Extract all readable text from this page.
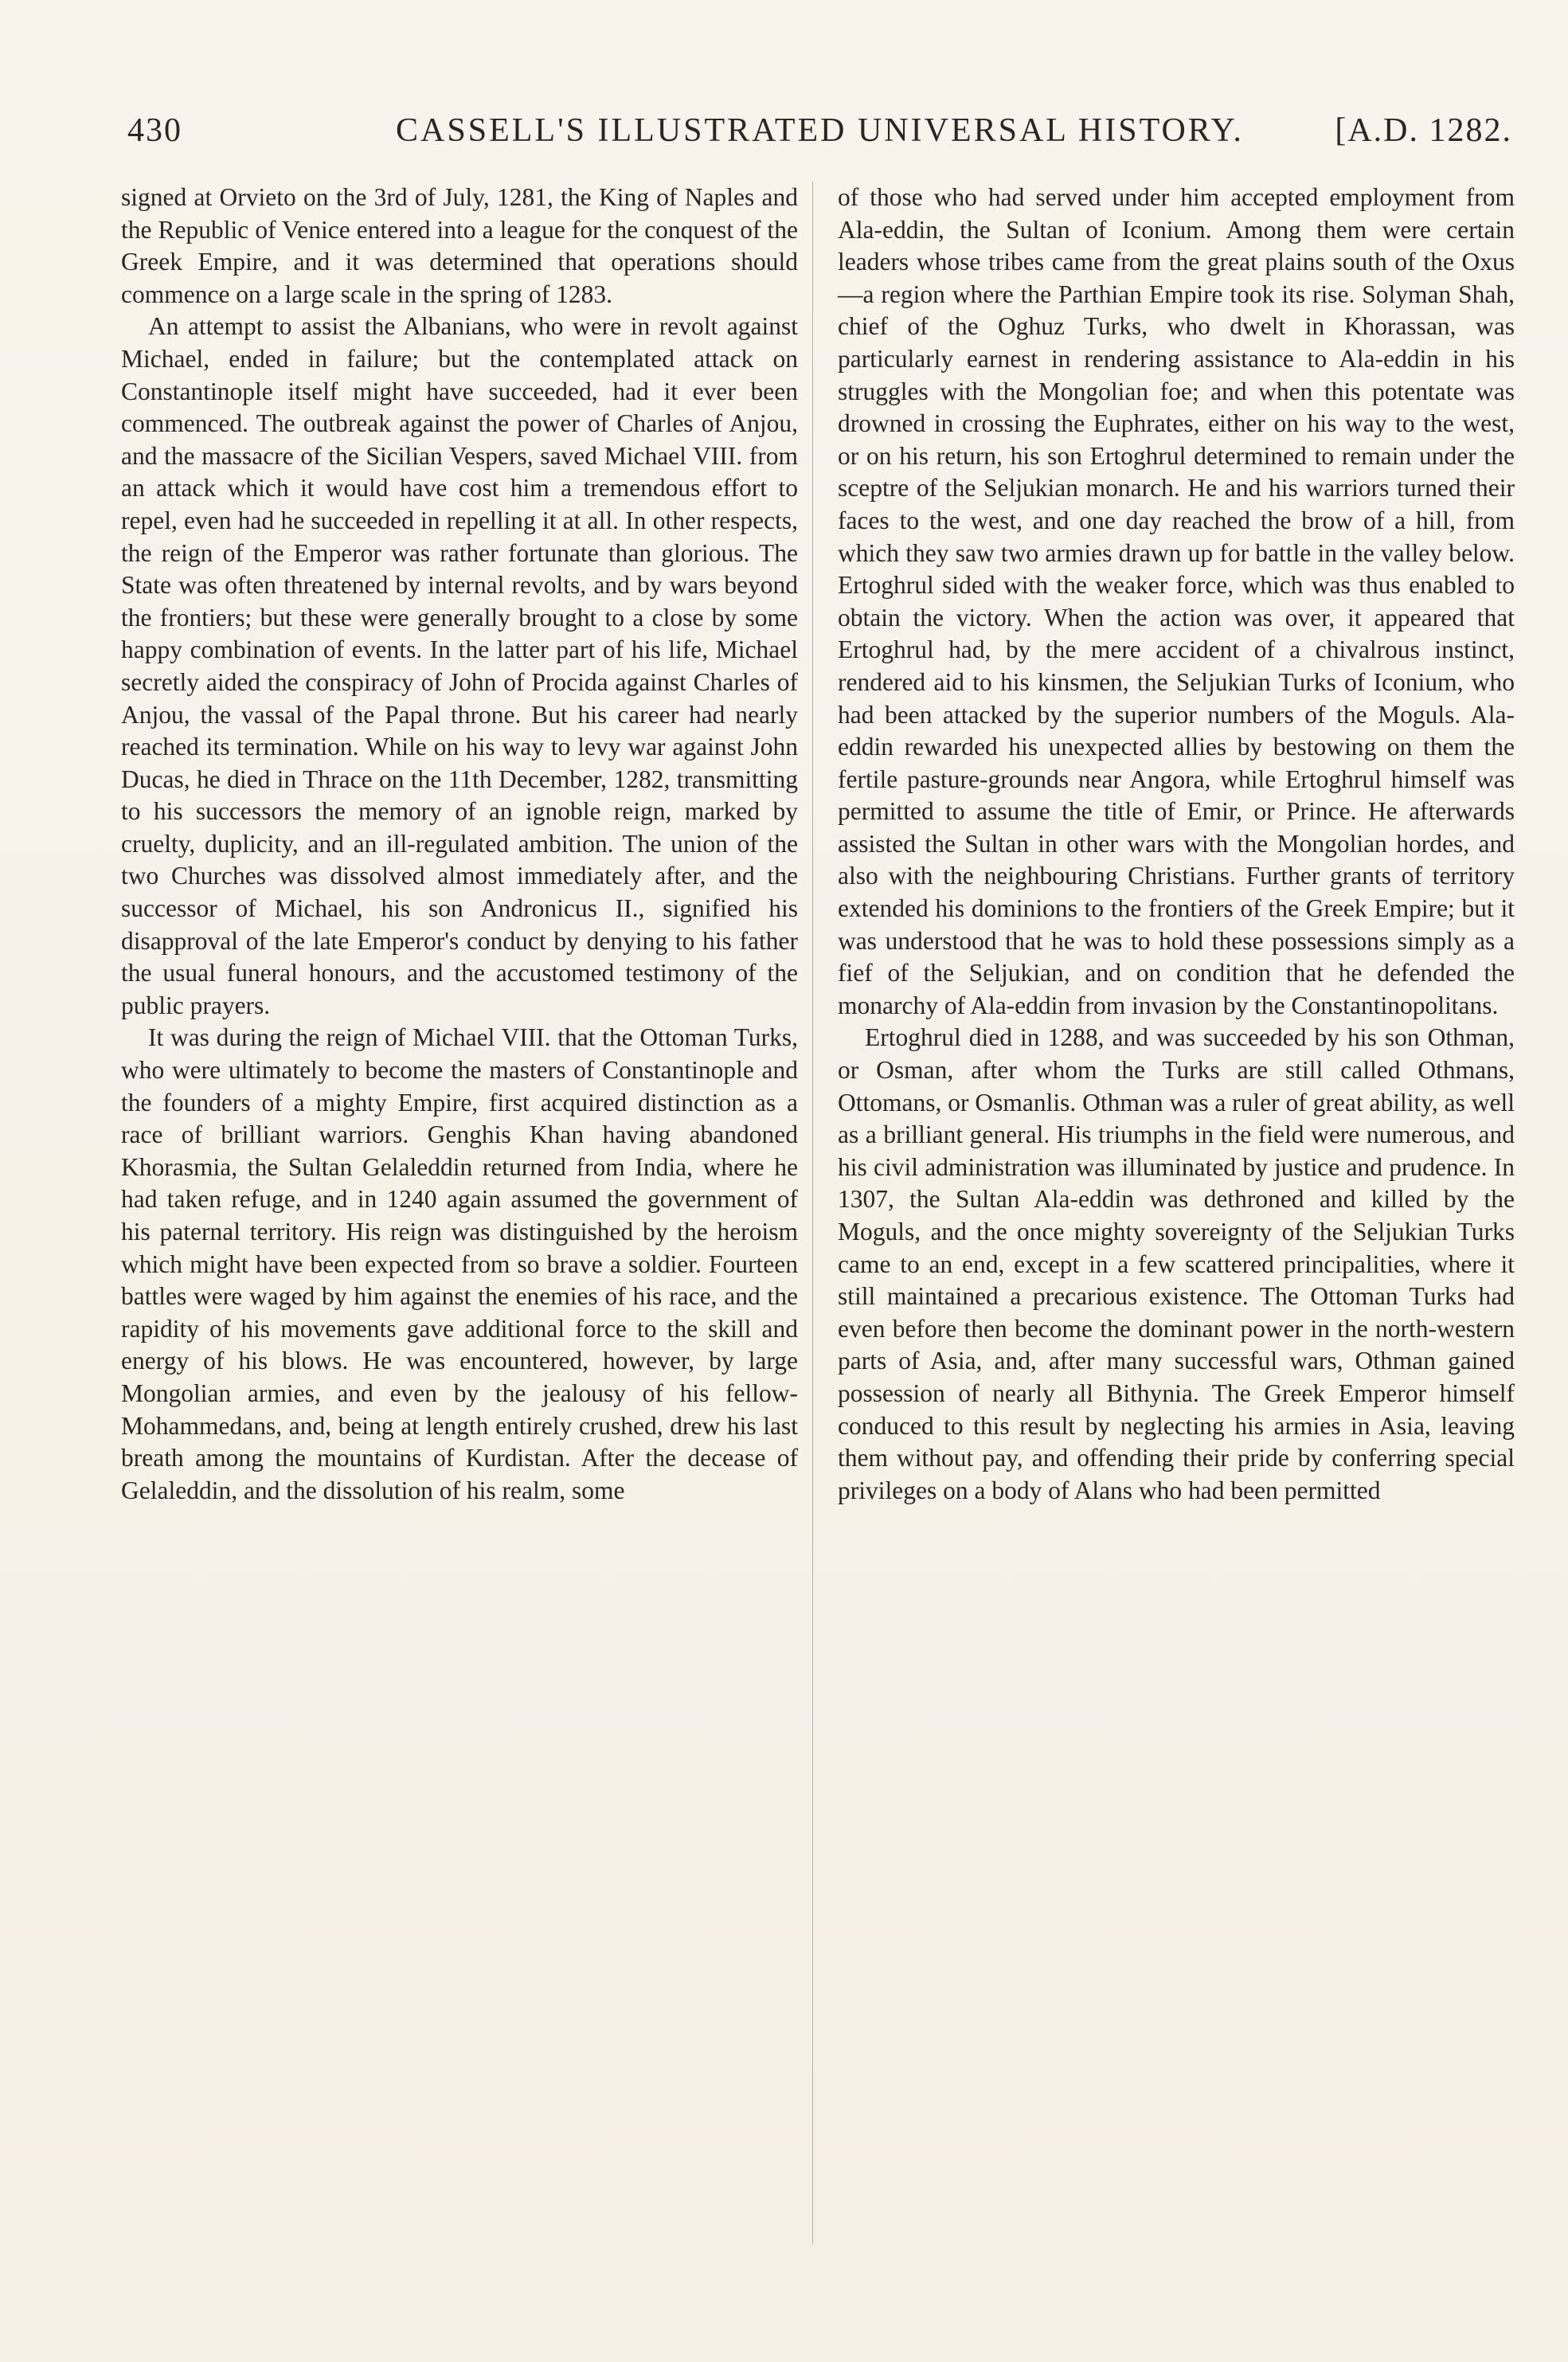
430	CASSELL'S ILLUSTRATED UNIVERSAL HISTORY.	[A.D. 1282.

signed at Orvieto on the 3rd of July, 1281, the King of Naples and the Republic of Venice entered into a league for the conquest of the Greek Empire, and it was determined that operations should commence on a large scale in the spring of 1283.

An attempt to assist the Albanians, who were in revolt against Michael, ended in failure; but the contemplated attack on Constantinople itself might have succeeded, had it ever been commenced. The outbreak against the power of Charles of Anjou, and the massacre of the Sicilian Vespers, saved Michael VIII. from an attack which it would have cost him a tremendous effort to repel, even had he succeeded in repelling it at all. In other respects, the reign of the Emperor was rather fortunate than glorious. The State was often threatened by internal revolts, and by wars beyond the frontiers; but these were generally brought to a close by some happy combination of events. In the latter part of his life, Michael secretly aided the conspiracy of John of Procida against Charles of Anjou, the vassal of the Papal throne. But his career had nearly reached its termination. While on his way to levy war against John Ducas, he died in Thrace on the 11th December, 1282, transmitting to his successors the memory of an ignoble reign, marked by cruelty, duplicity, and an ill-regulated ambition. The union of the two Churches was dissolved almost immediately after, and the successor of Michael, his son Andronicus II., signified his disapproval of the late Emperor's conduct by denying to his father the usual funeral honours, and the accustomed testimony of the public prayers.

It was during the reign of Michael VIII. that the Ottoman Turks, who were ultimately to become the masters of Constantinople and the founders of a mighty Empire, first acquired distinction as a race of brilliant warriors. Genghis Khan having abandoned Khorasmia, the Sultan Gelaleddin returned from India, where he had taken refuge, and in 1240 again assumed the government of his paternal territory. His reign was distinguished by the heroism which might have been expected from so brave a soldier. Fourteen battles were waged by him against the enemies of his race, and the rapidity of his movements gave additional force to the skill and energy of his blows. He was encountered, however, by large Mongolian armies, and even by the jealousy of his fellow-Mohammedans, and, being at length entirely crushed, drew his last breath among the mountains of Kurdistan. After the decease of Gelaleddin, and the dissolution of his realm, some

of those who had served under him accepted employment from Ala-eddin, the Sultan of Iconium. Among them were certain leaders whose tribes came from the great plains south of the Oxus—a region where the Parthian Empire took its rise. Solyman Shah, chief of the Oghuz Turks, who dwelt in Khorassan, was particularly earnest in rendering assistance to Ala-eddin in his struggles with the Mongolian foe; and when this potentate was drowned in crossing the Euphrates, either on his way to the west, or on his return, his son Ertoghrul determined to remain under the sceptre of the Seljukian monarch. He and his warriors turned their faces to the west, and one day reached the brow of a hill, from which they saw two armies drawn up for battle in the valley below. Ertoghrul sided with the weaker force, which was thus enabled to obtain the victory. When the action was over, it appeared that Ertoghrul had, by the mere accident of a chivalrous instinct, rendered aid to his kinsmen, the Seljukian Turks of Iconium, who had been attacked by the superior numbers of the Moguls. Ala-eddin rewarded his unexpected allies by bestowing on them the fertile pasture-grounds near Angora, while Ertoghrul himself was permitted to assume the title of Emir, or Prince. He afterwards assisted the Sultan in other wars with the Mongolian hordes, and also with the neighbouring Christians. Further grants of territory extended his dominions to the frontiers of the Greek Empire; but it was understood that he was to hold these possessions simply as a fief of the Seljukian, and on condition that he defended the monarchy of Ala-eddin from invasion by the Constantinopolitans.

Ertoghrul died in 1288, and was succeeded by his son Othman, or Osman, after whom the Turks are still called Othmans, Ottomans, or Osmanlis. Othman was a ruler of great ability, as well as a brilliant general. His triumphs in the field were numerous, and his civil administration was illuminated by justice and prudence. In 1307, the Sultan Ala-eddin was dethroned and killed by the Moguls, and the once mighty sovereignty of the Seljukian Turks came to an end, except in a few scattered principalities, where it still maintained a precarious existence. The Ottoman Turks had even before then become the dominant power in the north-western parts of Asia, and, after many successful wars, Othman gained possession of nearly all Bithynia. The Greek Emperor himself conduced to this result by neglecting his armies in Asia, leaving them without pay, and offending their pride by conferring special privileges on a body of Alans who had been permitted
